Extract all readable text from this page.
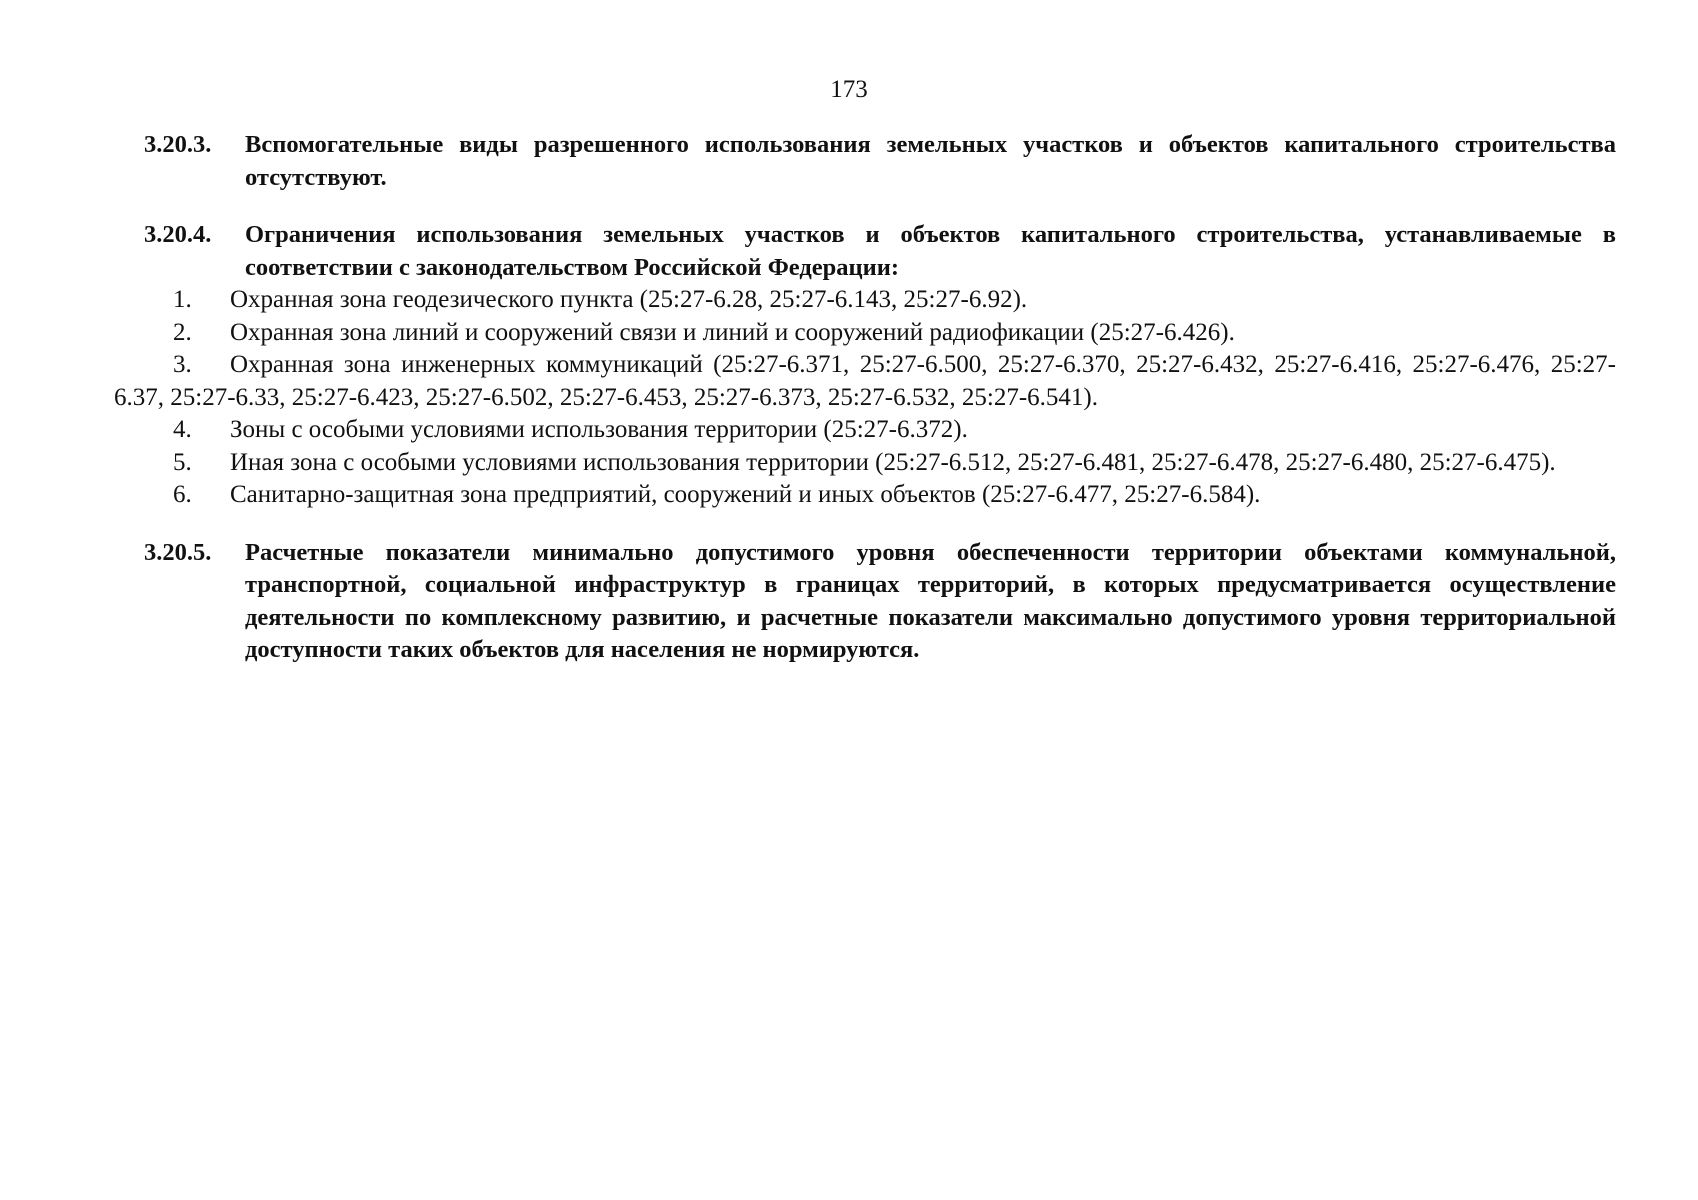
173
3.20.3.	Вспомогательные виды разрешенного использования земельных участков и объектов капитального строительства отсутствуют.
3.20.4.	Ограничения использования земельных участков и объектов капитального строительства, устанавливаемые в соответствии с законодательством Российской Федерации:
1. Охранная зона геодезического пункта (25:27-6.28, 25:27-6.143, 25:27-6.92).
2. Охранная зона линий и сооружений связи и линий и сооружений радиофикации (25:27-6.426).
3. Охранная зона инженерных коммуникаций (25:27-6.371, 25:27-6.500, 25:27-6.370, 25:27-6.432, 25:27-6.416, 25:27-6.476, 25:27-6.37, 25:27-6.33, 25:27-6.423, 25:27-6.502, 25:27-6.453, 25:27-6.373, 25:27-6.532, 25:27-6.541).
4. Зоны с особыми условиями использования территории (25:27-6.372).
5. Иная зона с особыми условиями использования территории (25:27-6.512, 25:27-6.481, 25:27-6.478, 25:27-6.480, 25:27-6.475).
6. Санитарно-защитная зона предприятий, сооружений и иных объектов (25:27-6.477, 25:27-6.584).
3.20.5.	Расчетные показатели минимально допустимого уровня обеспеченности территории объектами коммунальной, транспортной, социальной инфраструктур в границах территорий, в которых предусматривается осуществление деятельности по комплексному развитию, и расчетные показатели максимально допустимого уровня территориальной доступности таких объектов для населения не нормируются.
